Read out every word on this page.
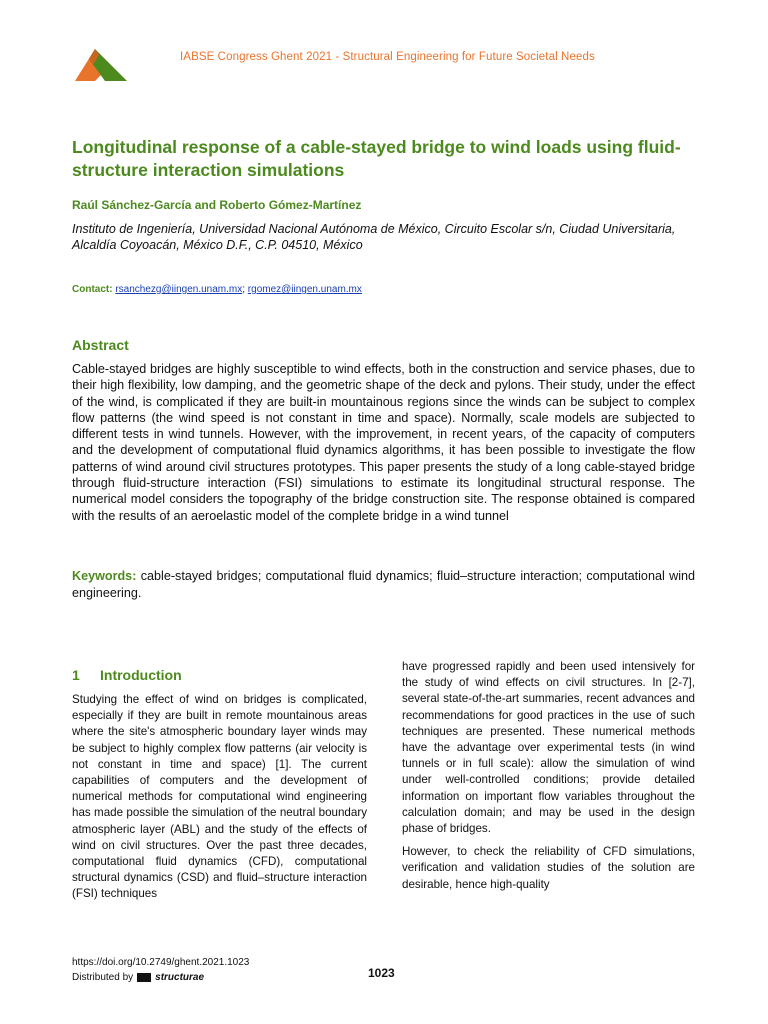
IABSE Congress Ghent 2021 - Structural Engineering for Future Societal Needs
Longitudinal response of a cable-stayed bridge to wind loads using fluid-structure interaction simulations
Raúl Sánchez-García and Roberto Gómez-Martínez
Instituto de Ingeniería, Universidad Nacional Autónoma de México, Circuito Escolar s/n, Ciudad Universitaria, Alcaldía Coyoacán, México D.F., C.P. 04510, México
Contact: rsanchezg@iingen.unam.mx; rgomez@iingen.unam.mx
Abstract

Cable-stayed bridges are highly susceptible to wind effects, both in the construction and service phases, due to their high flexibility, low damping, and the geometric shape of the deck and pylons. Their study, under the effect of the wind, is complicated if they are built-in mountainous regions since the winds can be subject to complex flow patterns (the wind speed is not constant in time and space). Normally, scale models are subjected to different tests in wind tunnels. However, with the improvement, in recent years, of the capacity of computers and the development of computational fluid dynamics algorithms, it has been possible to investigate the flow patterns of wind around civil structures prototypes. This paper presents the study of a long cable-stayed bridge through fluid-structure interaction (FSI) simulations to estimate its longitudinal structural response. The numerical model considers the topography of the bridge construction site. The response obtained is compared with the results of an aeroelastic model of the complete bridge in a wind tunnel

Keywords: cable-stayed bridges; computational fluid dynamics; fluid–structure interaction; computational wind engineering.

1 Introduction

Studying the effect of wind on bridges is complicated, especially if they are built in remote mountainous areas where the site's atmospheric boundary layer winds may be subject to highly complex flow patterns (air velocity is not constant in time and space) [1]. The current capabilities of computers and the development of numerical methods for computational wind engineering has made possible the simulation of the neutral boundary atmospheric layer (ABL) and the study of the effects of wind on civil structures. Over the past three decades, computational fluid dynamics (CFD), computational structural dynamics (CSD) and fluid–structure interaction (FSI) techniques

have progressed rapidly and been used intensively for the study of wind effects on civil structures. In [2-7], several state-of-the-art summaries, recent advances and recommendations for good practices in the use of such techniques are presented. These numerical methods have the advantage over experimental tests (in wind tunnels or in full scale): allow the simulation of wind under well-controlled conditions; provide detailed information on important flow variables throughout the calculation domain; and may be used in the design phase of bridges.

However, to check the reliability of CFD simulations, verification and validation studies of the solution are desirable, hence high-quality

https://doi.org/10.2749/ghent.2021.1023
Distributed by structurae	1023
